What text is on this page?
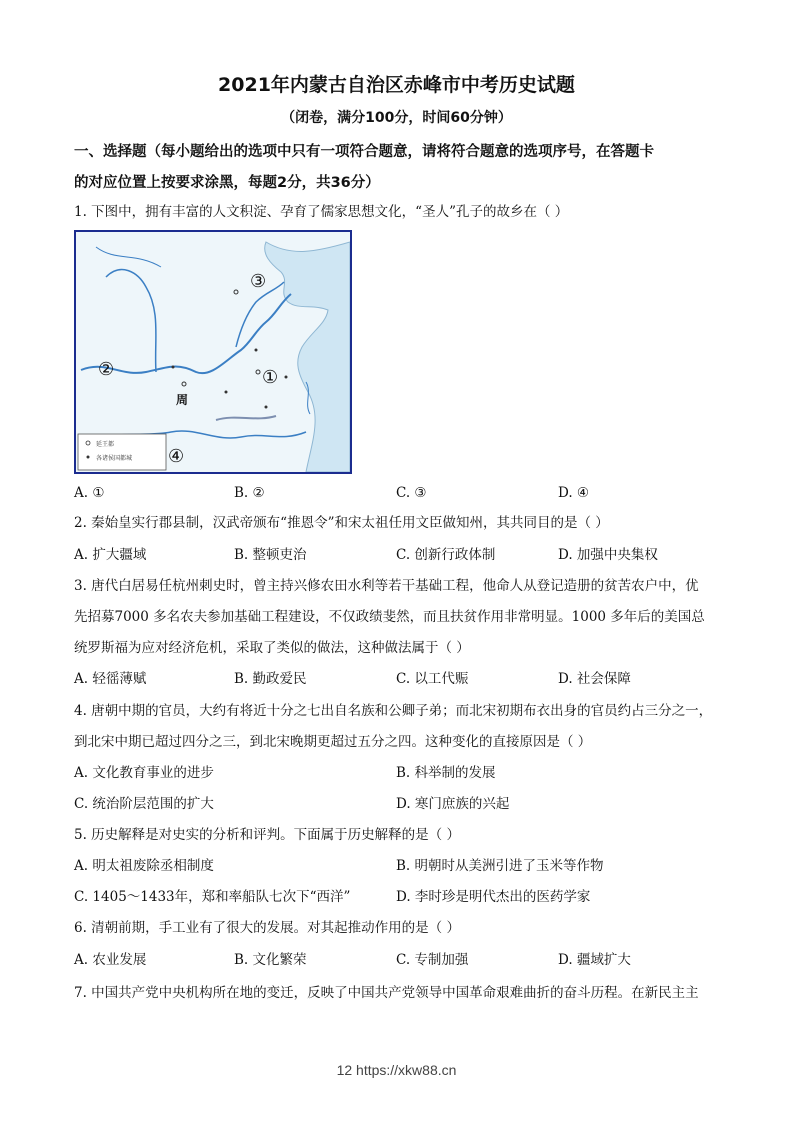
2021年内蒙古自治区赤峰市中考历史试题
（闭卷，满分100分，时间60分钟）
一、选择题（每小题给出的选项中只有一项符合题意，请将符合题意的选项序号，在答题卡
的对应位置上按要求涂黑，每题2分，共36分）
1. 下图中，拥有丰富的人文积淀、孕育了儒家思想文化，“圣人”孔子的故乡在（ ）
③
②	①
④
周
延王都
各诸侯国都城
A. ①	B. ②	C. ③	D. ④
2. 秦始皇实行郡县制，汉武帝颁布“推恩令”和宋太祖任用文臣做知州，其共同目的是（ ）
A. 扩大疆域	B. 整顿吏治	C. 创新行政体制	D. 加强中央集权
3. 唐代白居易任杭州刺史时，曾主持兴修农田水利等若干基础工程，他命人从登记造册的贫苦农户中，优
先招募7000 多名农夫参加基础工程建设，不仅政绩斐然，而且扶贫作用非常明显。1000 多年后的美国总
统罗斯福为应对经济危机，采取了类似的做法，这种做法属于（ ）
A. 轻徭薄赋	B. 勤政爱民	C. 以工代赈	D. 社会保障
4. 唐朝中期的官员，大约有将近十分之七出自名族和公卿子弟；而北宋初期布衣出身的官员约占三分之一，
到北宋中期已超过四分之三，到北宋晚期更超过五分之四。这种变化的直接原因是（ ）
A. 文化教育事业的进步	B. 科举制的发展
C. 统治阶层范围的扩大	D. 寒门庶族的兴起
5. 历史解释是对史实的分析和评判。下面属于历史解释的是（ ）
A. 明太祖废除丞相制度	B. 明朝时从美洲引进了玉米等作物
C. 1405～1433年，郑和率船队七次下“西洋”	D. 李时珍是明代杰出的医药学家
6. 清朝前期，手工业有了很大的发展。对其起推动作用的是（ ）
A. 农业发展	B. 文化繁荣	C. 专制加强	D. 疆域扩大
7. 中国共产党中央机构所在地的变迁，反映了中国共产党领导中国革命艰难曲折的奋斗历程。在新民主主
12 https://xkw88.cn
